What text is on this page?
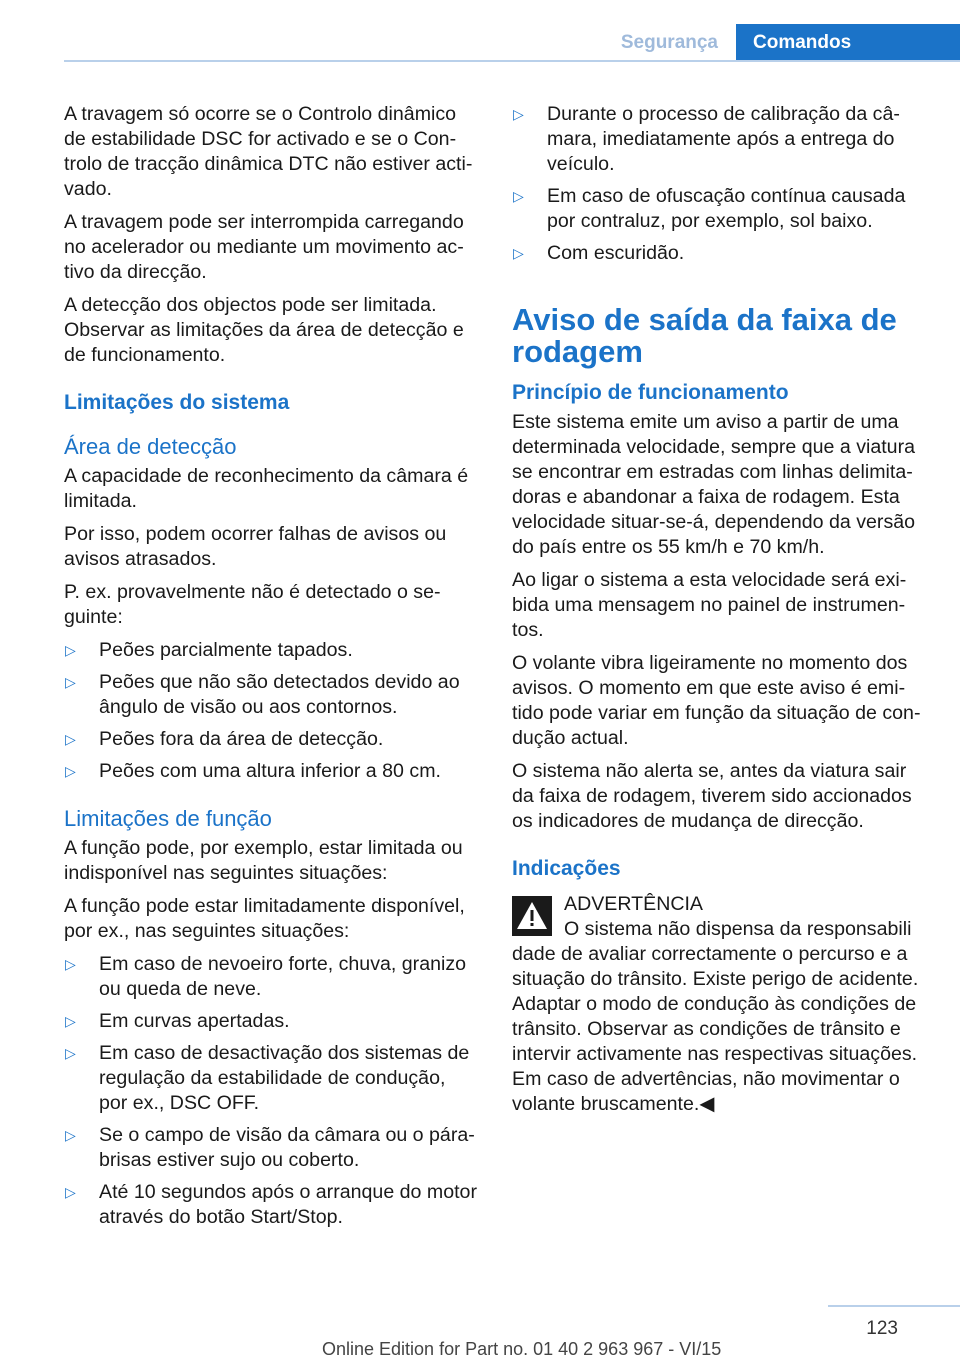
Segurança	Comandos

A travagem só ocorre se o Controlo dinâmico de estabilidade DSC for activado e se o Controlo de tracção dinâmica DTC não estiver activado.

A travagem pode ser interrompida carregando no acelerador ou mediante um movimento activo da direcção.

A detecção dos objectos pode ser limitada. Observar as limitações da área de detecção e de funcionamento.

Limitações do sistema
Área de detecção

A capacidade de reconhecimento da câmara é limitada.

Por isso, podem ocorrer falhas de avisos ou avisos atrasados.

P. ex. provavelmente não é detectado o seguinte:

▷ Peões parcialmente tapados.
▷ Peões que não são detectados devido ao ângulo de visão ou aos contornos.
▷ Peões fora da área de detecção.
▷ Peões com uma altura inferior a 80 cm.
Limitações de função

A função pode, por exemplo, estar limitada ou indisponível nas seguintes situações:

A função pode estar limitadamente disponível, por ex., nas seguintes situações:

▷ Em caso de nevoeiro forte, chuva, granizo ou queda de neve.
▷ Em curvas apertadas.
▷ Em caso de desactivação dos sistemas de regulação da estabilidade de condução, por ex., DSC OFF.
▷ Se o campo de visão da câmara ou o pára-brisas estiver sujo ou coberto.
▷ Até 10 segundos após o arranque do motor através do botão Start/Stop.
▷ Durante o processo de calibração da câmara, imediatamente após a entrega do veículo.
▷ Em caso de ofuscação contínua causada por contraluz, por exemplo, sol baixo.
▷ Com escuridão.
Aviso de saída da faixa de rodagem
Princípio de funcionamento

Este sistema emite um aviso a partir de uma determinada velocidade, sempre que a viatura se encontrar em estradas com linhas delimitadoras e abandonar a faixa de rodagem. Esta velocidade situar-se-á, dependendo da versão do país entre os 55 km/h e 70 km/h.

Ao ligar o sistema a esta velocidade será exibida uma mensagem no painel de instrumentos.

O volante vibra ligeiramente no momento dos avisos. O momento em que este aviso é emitido pode variar em função da situação de condução actual.

O sistema não alerta se, antes da viatura sair da faixa de rodagem, tiverem sido accionados os indicadores de mudança de direcção.

Indicações

ADVERTÊNCIA

O sistema não dispensa da responsabili

dade de avaliar correctamente o percurso e a situação do trânsito. Existe perigo de acidente. Adaptar o modo de condução às condições de trânsito. Observar as condições de trânsito e intervir activamente nas respectivas situações. Em caso de advertências, não movimentar o volante bruscamente.◀

123
Online Edition for Part no. 01 40 2 963 967 - VI/15
